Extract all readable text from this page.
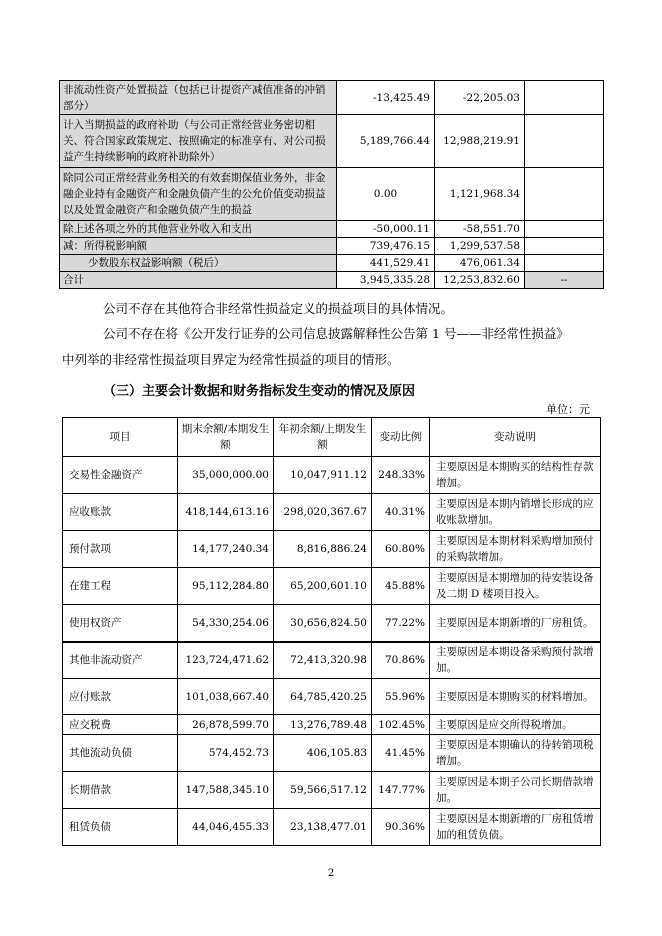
非流动性资产处置损益（包括已计提资产减值准备的冲销部分）	-13,425.49	-22,205.03	
计入当期损益的政府补助（与公司正常经营业务密切相关、符合国家政策规定、按照确定的标准享有、对公司损益产生持续影响的政府补助除外）	5,189,766.44	12,988,219.91	
除同公司正常经营业务相关的有效套期保值业务外，非金融企业持有金融资产和金融负债产生的公允价值变动损益以及处置金融资产和金融负债产生的损益	0.00	1,121,968.34	
除上述各项之外的其他营业外收入和支出	-50,000.11	-58,551.70	
减：所得税影响额	739,476.15	1,299,537.58	
少数股东权益影响额（税后）	441,529.41	476,061.34	
合计	3,945,335.28	12,253,832.60	--
公司不存在其他符合非经常性损益定义的损益项目的具体情况。
公司不存在将《公开发行证券的公司信息披露解释性公告第 1 号——非经常性损益》
中列举的非经常性损益项目界定为经常性损益的项目的情形。
（三）主要会计数据和财务指标发生变动的情况及原因
单位：元
项目	期末余额/本期发生额	年初余额/上期发生额	变动比例	变动说明
交易性金融资产	35,000,000.00	10,047,911.12	248.33%	主要原因是本期购买的结构性存款增加。
应收账款	418,144,613.16	298,020,367.67	40.31%	主要原因是本期内销增长形成的应收账款增加。
预付款项	14,177,240.34	8,816,886.24	60.80%	主要原因是本期材料采购增加预付的采购款增加。
在建工程	95,112,284.80	65,200,601.10	45.88%	主要原因是本期增加的待安装设备及二期 D 楼项目投入。
使用权资产	54,330,254.06	30,656,824.50	77.22%	主要原因是本期新增的厂房租赁。
其他非流动资产	123,724,471.62	72,413,320.98	70.86%	主要原因是本期设备采购预付款增加。
应付账款	101,038,667.40	64,785,420.25	55.96%	主要原因是本期购买的材料增加。
应交税费	26,878,599.70	13,276,789.48	102.45%	主要原因是应交所得税增加。
其他流动负债	574,452.73	406,105.83	41.45%	主要原因是本期确认的待转销项税增加。
长期借款	147,588,345.10	59,566,517.12	147.77%	主要原因是本期子公司长期借款增加。
租赁负债	44,046,455.33	23,138,477.01	90.36%	主要原因是本期新增的厂房租赁增加的租赁负债。
2
